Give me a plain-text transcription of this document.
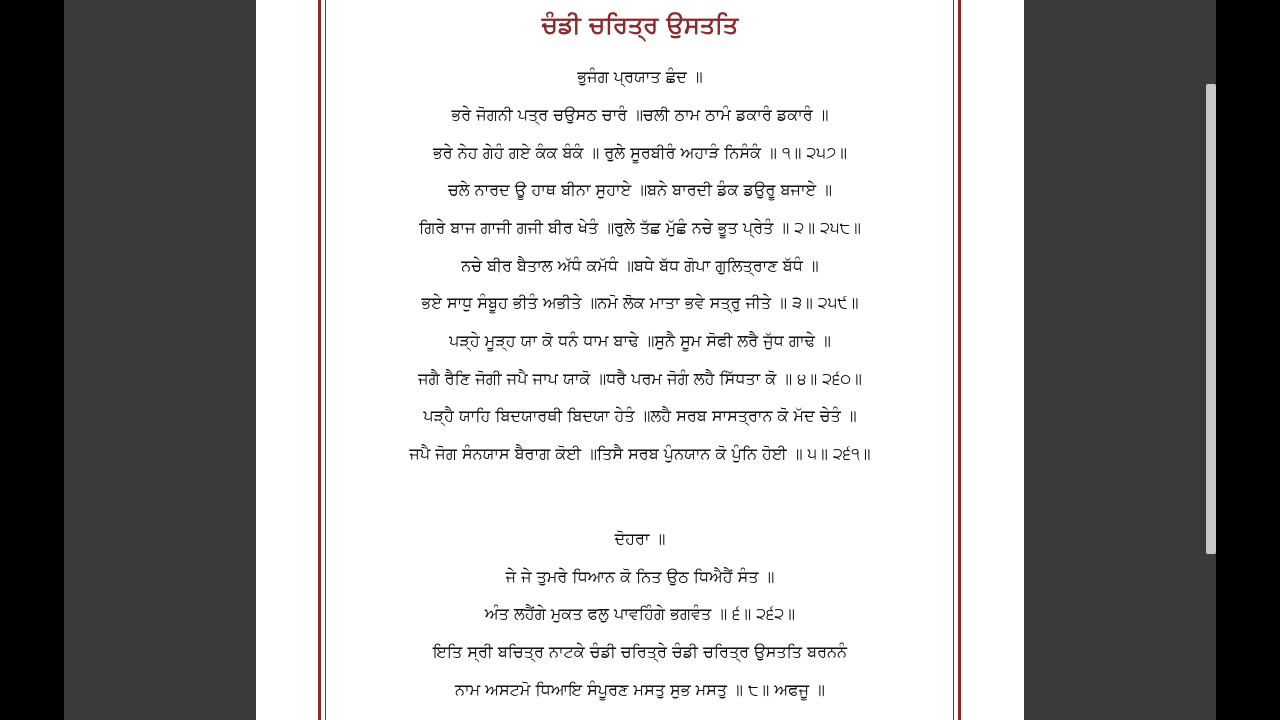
ਚੰਡੀ ਚਰਿਤ੍ਰ ਉਸਤਤਿ
ਭੁਜੰਗ ਪ੍ਰਯਾਤ ਛੰਦ ॥
ਭਰੇ ਜੋਗਨੀ ਪਤ੍ਰ ਚਉਸਠ ਚਾਰੰ ॥ਚਲੀ ਠਾਮ ਠਾਮੰ ਡਕਾਰੰ ਡਕਾਰੰ ॥
ਭਰੇ ਨੇਹ ਗੇਹੰ ਗਏ ਕੰਕ ਬੰਕੰ ॥ ਰੁਲੇ ਸੂਰਬੀਰੰ ਅਹਾੜੰ ਨਿਸੰਕੰ ॥ ੧॥ ੨੫੭॥
ਚਲੇ ਨਾਰਦ ਊ ਹਾਥ ਬੀਨਾ ਸੁਹਾਏ ॥ਬਨੇ ਬਾਰਦੀ ਡੰਕ ਡਉਰੂ ਬਜਾਏ ॥
ਗਿਰੇ ਬਾਜ ਗਾਜੀ ਗਜੀ ਬੀਰ ਖੇਤੰ ॥ਰੁਲੇ ਤੱਛ ਮੁੱਛੰ ਨਚੇ ਭੂਤ ਪ੍ਰੇਤੰ ॥ ੨॥ ੨੫੮॥
ਨਚੇ ਬੀਰ ਬੈਤਾਲ ਅੱਧੰ ਕਮੱਧੰ ॥ਬਧੇ ਬੱਧ ਗੋਪਾ ਗੁਲਿਤ੍ਰਾਣ ਬੱਧੰ ॥
ਭਏ ਸਾਧੁ ਸੰਬੂਹ ਭੀਤੰ ਅਭੀਤੇ ॥ਨਮੋ ਲੋਕ ਮਾਤਾ ਭਵੇ ਸਤ੍ਰੁ ਜੀਤੇ ॥ ੩॥ ੨੫੯॥
ਪੜ੍ਹੇ ਮੂੜ੍ਹ ਯਾ ਕੋ ਧਨੰ ਧਾਮ ਬਾਢੇ ॥ਸੁਨੈ ਸੂਮ ਸੋਫੀ ਲਰੈ ਜੁੱਧ ਗਾਢੇ ॥
ਜਗੈ ਰੈਣਿ ਜੋਗੀ ਜਪੈ ਜਾਪ ਯਾਕੋ ॥ਧਰੈ ਪਰਮ ਜੋਗੰ ਲਹੈ ਸਿੱਧਤਾ ਕੋ ॥ ੪॥ ੨੬੦॥
ਪੜ੍ਹੈ ਯਾਹਿ ਬਿਦਯਾਰਥੀ ਬਿਦਯਾ ਹੇਤੰ ॥ਲਹੈ ਸਰਬ ਸਾਸਤ੍ਰਾਨ ਕੋ ਮੱਦ ਚੇਤੰ ॥
ਜਪੈ ਜੋਗ ਸੰਨਯਾਸ ਬੈਰਾਗ ਕੋਈ ॥ਤਿਸੈ ਸਰਬ ਪੁੰਨਯਾਨ ਕੋ ਪੁੰਨਿ ਹੋਈ ॥ ੫॥ ੨੬੧॥
ਦੋਹਰਾ ॥
ਜੇ ਜੇ ਤੁਮਰੇ ਧਿਆਨ ਕੋ ਨਿਤ ਉਠ ਧਿਐਹੈਂ ਸੰਤ ॥
ਅੰਤ ਲਹੈਂਗੇ ਮੁਕਤ ਫਲੁ ਪਾਵਹਿੰਗੇ ਭਗਵੰਤ ॥ ੬॥ ੨੬੨॥
ਇਤਿ ਸ੍ਰੀ ਬਚਿਤ੍ਰ ਨਾਟਕੇ ਚੰਡੀ ਚਰਿਤ੍ਰੇ ਚੰਡੀ ਚਰਿਤ੍ਰ ਉਸਤਤਿ ਬਰਨਨੰ
ਨਾਮ ਅਸਟਮੋ ਧਿਆਇ ਸੰਪੂਰਣ ਮਸਤੁ ਸੁਭ ਮਸਤੁ ॥ ੮॥ ਅਫਜੂ ॥
